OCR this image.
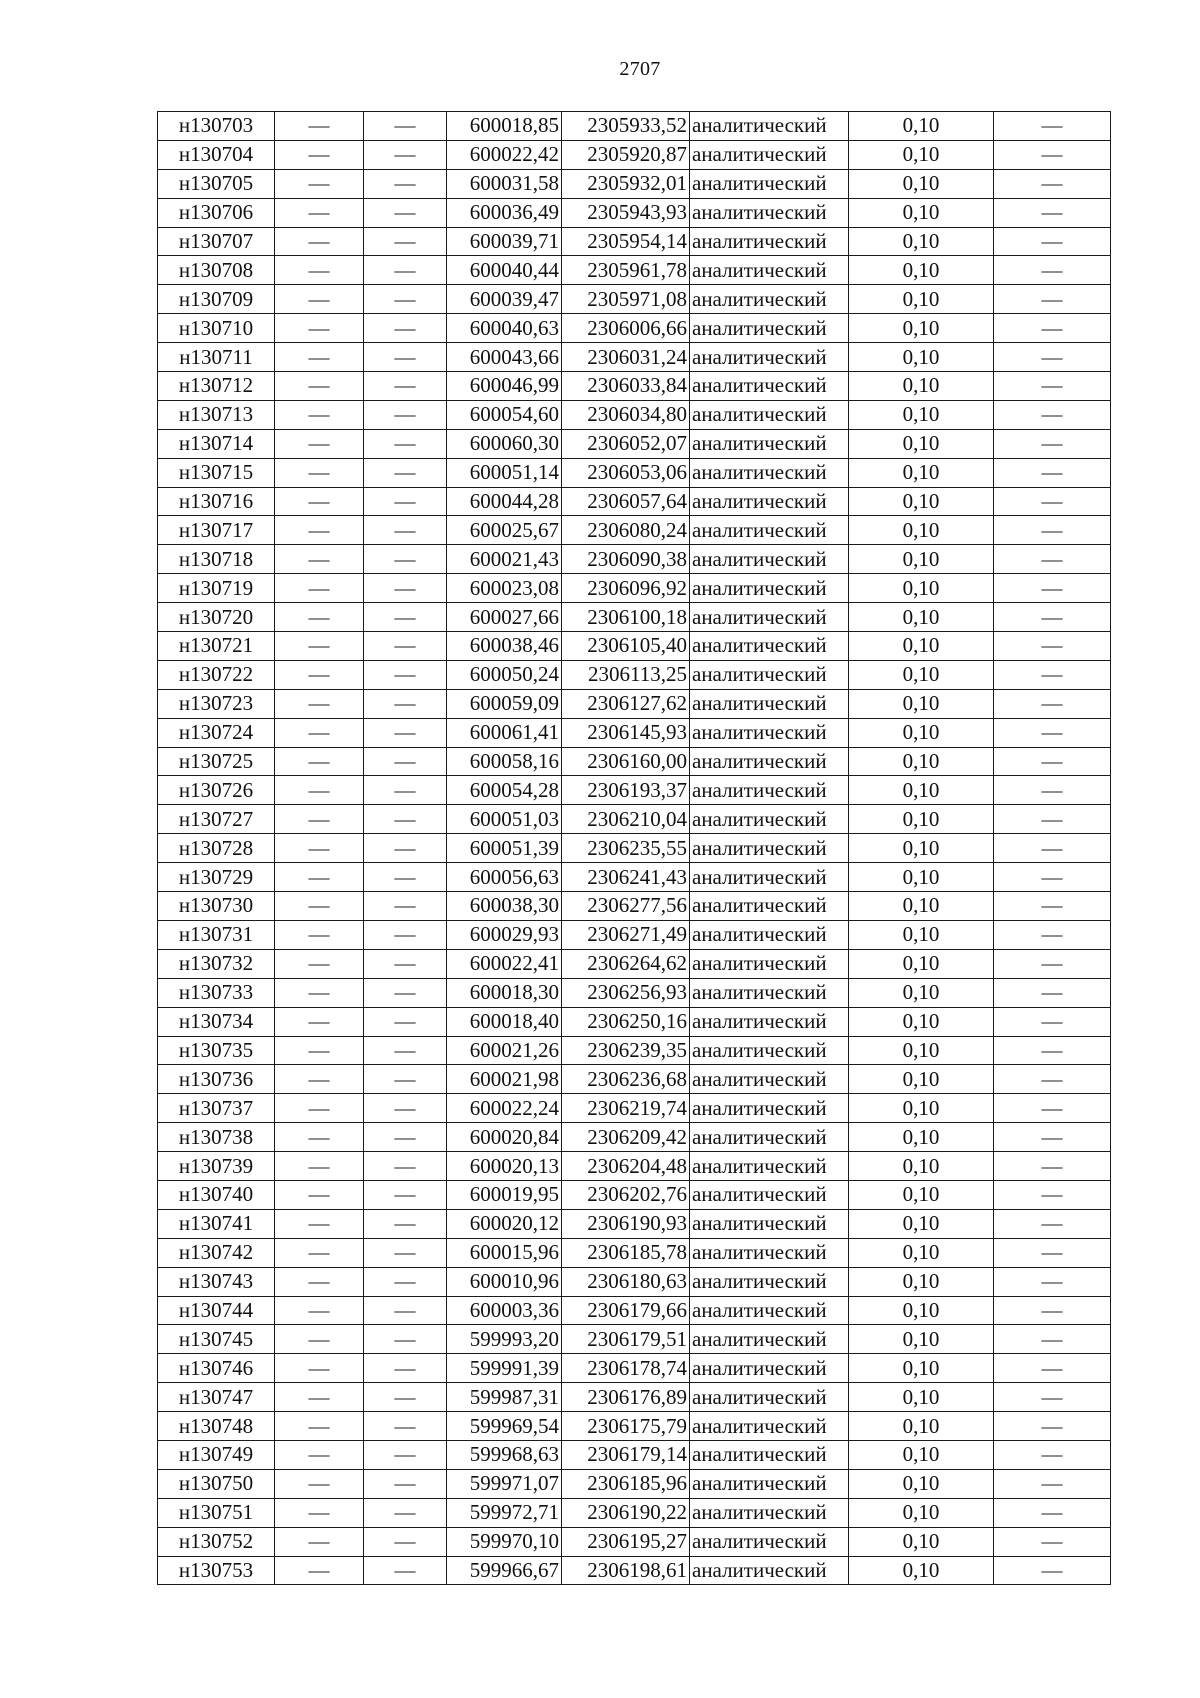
2707
н130703	—	—	600018,85	2305933,52	аналитический	0,10	—
н130704	—	—	600022,42	2305920,87	аналитический	0,10	—
н130705	—	—	600031,58	2305932,01	аналитический	0,10	—
н130706	—	—	600036,49	2305943,93	аналитический	0,10	—
н130707	—	—	600039,71	2305954,14	аналитический	0,10	—
н130708	—	—	600040,44	2305961,78	аналитический	0,10	—
н130709	—	—	600039,47	2305971,08	аналитический	0,10	—
н130710	—	—	600040,63	2306006,66	аналитический	0,10	—
н130711	—	—	600043,66	2306031,24	аналитический	0,10	—
н130712	—	—	600046,99	2306033,84	аналитический	0,10	—
н130713	—	—	600054,60	2306034,80	аналитический	0,10	—
н130714	—	—	600060,30	2306052,07	аналитический	0,10	—
н130715	—	—	600051,14	2306053,06	аналитический	0,10	—
н130716	—	—	600044,28	2306057,64	аналитический	0,10	—
н130717	—	—	600025,67	2306080,24	аналитический	0,10	—
н130718	—	—	600021,43	2306090,38	аналитический	0,10	—
н130719	—	—	600023,08	2306096,92	аналитический	0,10	—
н130720	—	—	600027,66	2306100,18	аналитический	0,10	—
н130721	—	—	600038,46	2306105,40	аналитический	0,10	—
н130722	—	—	600050,24	2306113,25	аналитический	0,10	—
н130723	—	—	600059,09	2306127,62	аналитический	0,10	—
н130724	—	—	600061,41	2306145,93	аналитический	0,10	—
н130725	—	—	600058,16	2306160,00	аналитический	0,10	—
н130726	—	—	600054,28	2306193,37	аналитический	0,10	—
н130727	—	—	600051,03	2306210,04	аналитический	0,10	—
н130728	—	—	600051,39	2306235,55	аналитический	0,10	—
н130729	—	—	600056,63	2306241,43	аналитический	0,10	—
н130730	—	—	600038,30	2306277,56	аналитический	0,10	—
н130731	—	—	600029,93	2306271,49	аналитический	0,10	—
н130732	—	—	600022,41	2306264,62	аналитический	0,10	—
н130733	—	—	600018,30	2306256,93	аналитический	0,10	—
н130734	—	—	600018,40	2306250,16	аналитический	0,10	—
н130735	—	—	600021,26	2306239,35	аналитический	0,10	—
н130736	—	—	600021,98	2306236,68	аналитический	0,10	—
н130737	—	—	600022,24	2306219,74	аналитический	0,10	—
н130738	—	—	600020,84	2306209,42	аналитический	0,10	—
н130739	—	—	600020,13	2306204,48	аналитический	0,10	—
н130740	—	—	600019,95	2306202,76	аналитический	0,10	—
н130741	—	—	600020,12	2306190,93	аналитический	0,10	—
н130742	—	—	600015,96	2306185,78	аналитический	0,10	—
н130743	—	—	600010,96	2306180,63	аналитический	0,10	—
н130744	—	—	600003,36	2306179,66	аналитический	0,10	—
н130745	—	—	599993,20	2306179,51	аналитический	0,10	—
н130746	—	—	599991,39	2306178,74	аналитический	0,10	—
н130747	—	—	599987,31	2306176,89	аналитический	0,10	—
н130748	—	—	599969,54	2306175,79	аналитический	0,10	—
н130749	—	—	599968,63	2306179,14	аналитический	0,10	—
н130750	—	—	599971,07	2306185,96	аналитический	0,10	—
н130751	—	—	599972,71	2306190,22	аналитический	0,10	—
н130752	—	—	599970,10	2306195,27	аналитический	0,10	—
н130753	—	—	599966,67	2306198,61	аналитический	0,10	—
